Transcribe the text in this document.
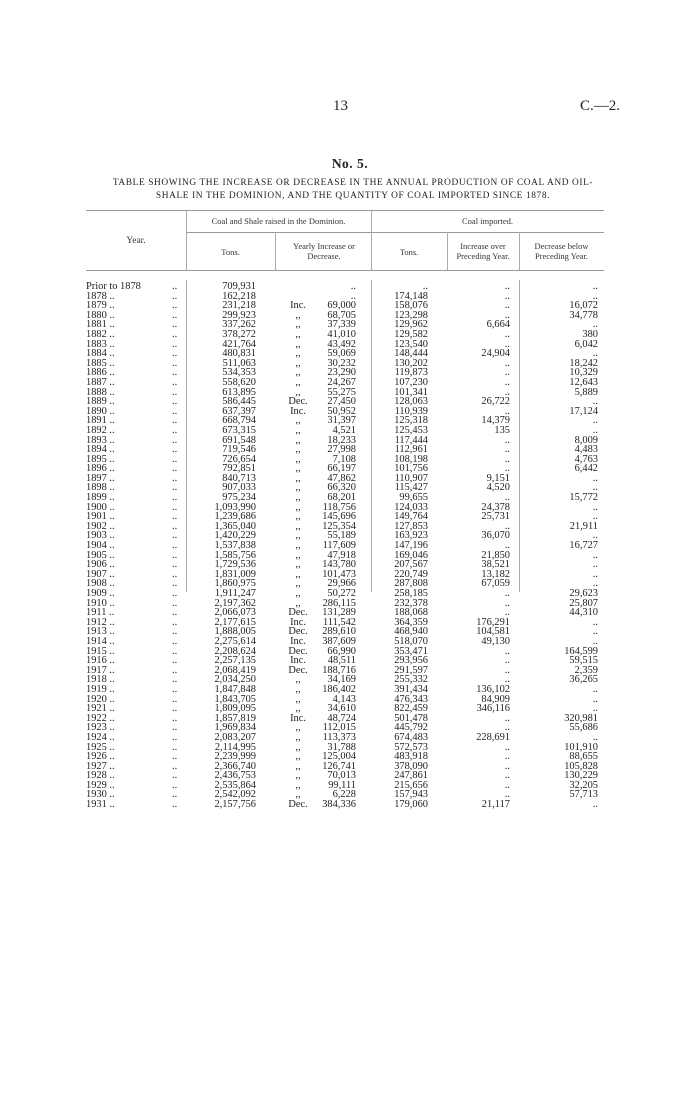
13	C.—2.
No. 5.
TABLE SHOWING THE INCREASE OR DECREASE IN THE ANNUAL PRODUCTION OF COAL AND OIL-
SHALE IN THE DOMINION, AND THE QUANTITY OF COAL IMPORTED SINCE 1878.
Year.
Coal and Shale raised in the Dominion.	Coal imported.
Tons.
Yearly Increase or Decrease.	Tons.
Increase over Preceding Year.
Decrease below Preceding Year.
Prior to 1878 ..	709,931	..	..	..	..
1878 .. ..	162,218	..	174,148	..	..
1879 .. ..	231,218	Inc. 69,000	158,076	..	16,072
1880 .. ..	299,923	,, 68,705	123,298	..	34,778
1881 .. ..	337,262	,, 37,339	129,962	6,664	..
1882 .. ..	378,272	,, 41,010	129,582	..	380
1883 .. ..	421,764	,, 43,492	123,540	..	6,042
1884 .. ..	480,831	,, 59,069	148,444	24,904	..
1885 .. ..	511,063	,, 30,232	130,202	..	18,242
1886 .. ..	534,353	,, 23,290	119,873	..	10,329
1887 .. ..	558,620	,, 24,267	107,230	..	12,643
1888 .. ..	613,895	,, 55,275	101,341	..	5,889
1889 .. ..	586,445	Dec. 27,450	128,063	26,722	..
1890 .. ..	637,397	Inc. 50,952	110,939	..	17,124
1891 .. ..	668,794	,, 31,397	125,318	14,379	..
1892 .. ..	673,315	,, 4,521	125,453	135	..
1893 .. ..	691,548	,, 18,233	117,444	..	8,009
1894 .. ..	719,546	,, 27,998	112,961	..	4,483
1895 .. ..	726,654	,, 7,108	108,198	..	4,763
1896 .. ..	792,851	,, 66,197	101,756	..	6,442
1897 .. ..	840,713	,, 47,862	110,907	9,151	..
1898 .. ..	907,033	,, 66,320	115,427	4,520	..
1899 .. ..	975,234	,, 68,201	99,655	..	15,772
1900 .. ..	1,093,990	,, 118,756	124,033	24,378	..
1901 .. ..	1,239,686	,, 145,696	149,764	25,731	..
1902 .. ..	1,365,040	,, 125,354	127,853	..	21,911
1903 .. ..	1,420,229	,, 55,189	163,923	36,070	..
1904 .. ..	1,537,838	,, 117,609	147,196	..	16,727
1905 .. ..	1,585,756	,, 47,918	169,046	21,850	..
1906 .. ..	1,729,536	,, 143,780	207,567	38,521	..
1907 .. ..	1,831,009	,, 101,473	220,749	13,182	..
1908 .. ..	1,860,975	,, 29,966	287,808	67,059	..
1909 .. ..	1,911,247	,, 50,272	258,185	..	29,623
1910 .. ..	2,197,362	,, 286,115	232,378	..	25,807
1911 .. ..	2,066,073	Dec. 131,289	188,068	..	44,310
1912 .. ..	2,177,615	Inc. 111,542	364,359	176,291	..
1913 .. ..	1,888,005	Dec. 289,610	468,940	104,581	..
1914 .. ..	2,275,614	Inc. 387,609	518,070	49,130	..
1915 .. ..	2,208,624	Dec. 66,990	353,471	..	164,599
1916 .. ..	2,257,135	Inc. 48,511	293,956	..	59,515
1917 .. ..	2,068,419	Dec. 188,716	291,597	..	2,359
1918 .. ..	2,034,250	,, 34,169	255,332	..	36,265
1919 .. ..	1,847,848	,, 186,402	391,434	136,102	..
1920 .. ..	1,843,705	,, 4,143	476,343	84,909	..
1921 .. ..	1,809,095	,, 34,610	822,459	346,116	..
1922 .. ..	1,857,819	Inc. 48,724	501,478	..	320,981
1923 .. ..	1,969,834	,, 112,015	445,792	..	55,686
1924 .. ..	2,083,207	,, 113,373	674,483	228,691	..
1925 .. ..	2,114,995	,, 31,788	572,573	..	101,910
1926 .. ..	2,239,999	,, 125,004	483,918	..	88,655
1927 .. ..	2,366,740	,, 126,741	378,090	..	105,828
1928 .. ..	2,436,753	,, 70,013	247,861	..	130,229
1929 .. ..	2,535,864	,, 99,111	215,656	..	32,205
1930 .. ..	2,542,092	,, 6,228	157,943	..	57,713
1931 .. ..	2,157,756	Dec. 384,336	179,060	21,117	..
